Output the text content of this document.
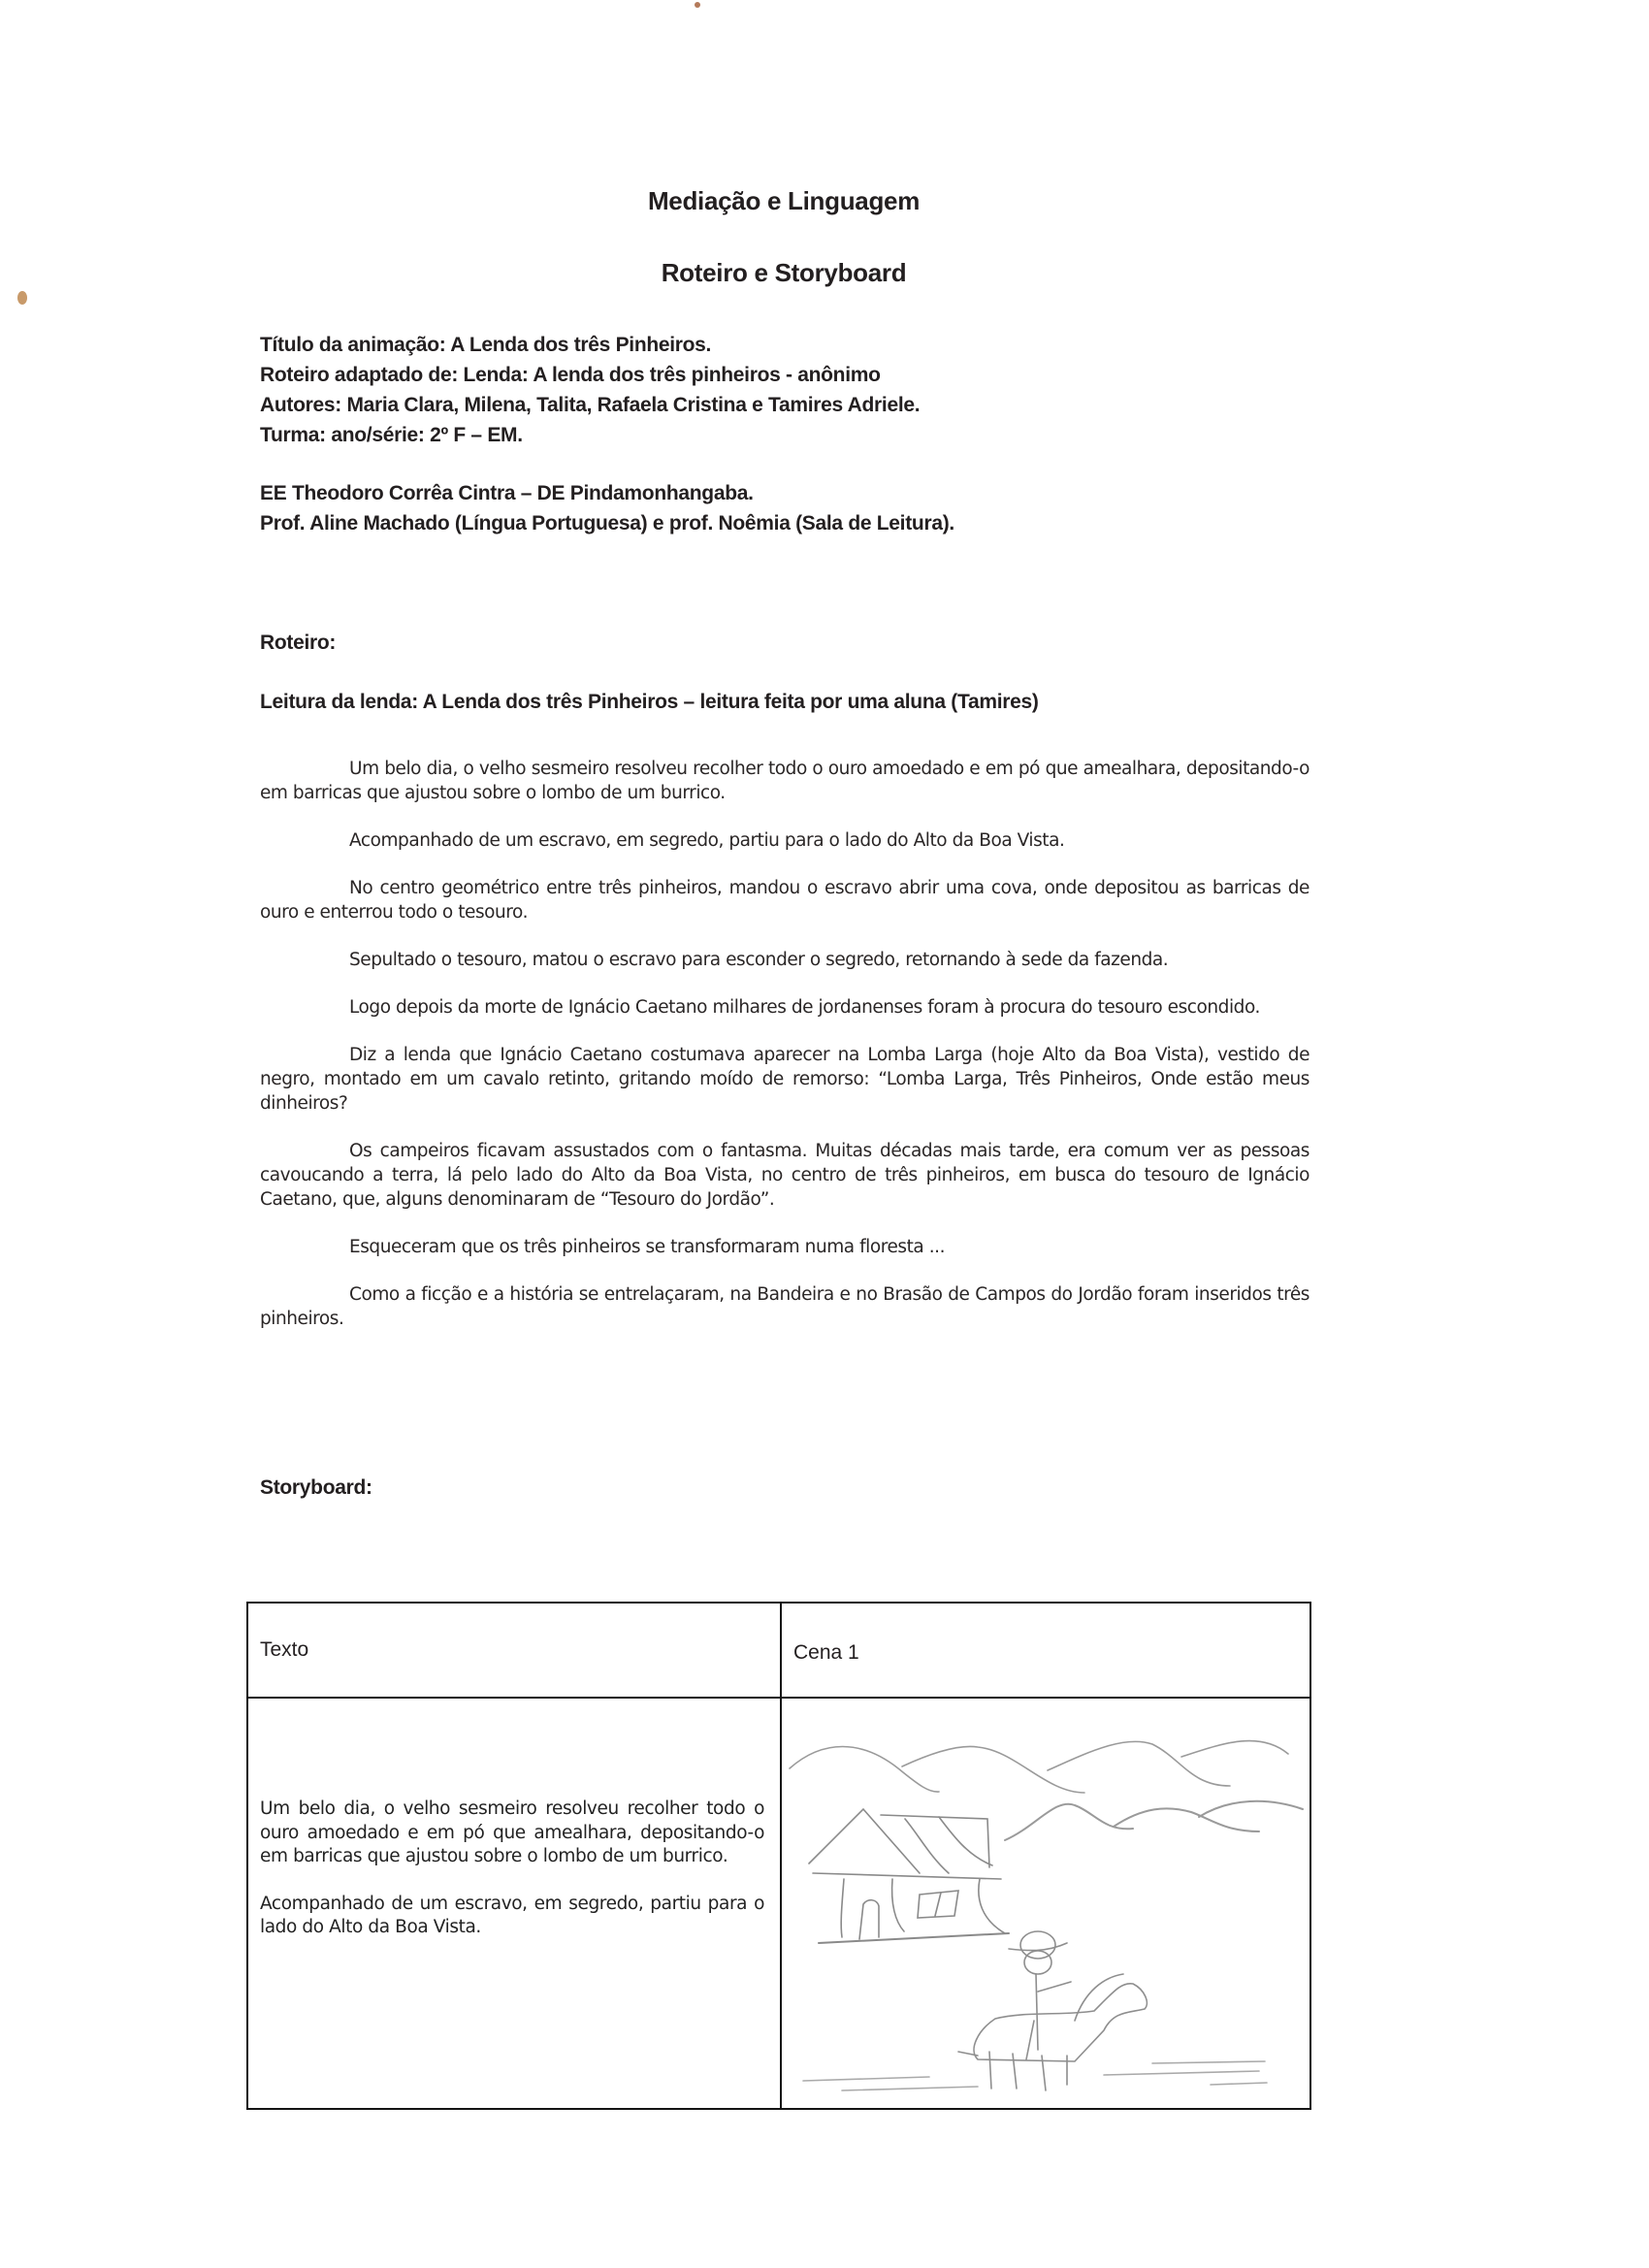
Mediação e Linguagem
Roteiro e Storyboard
Título da animação: A Lenda dos três Pinheiros.
Roteiro adaptado de: Lenda: A lenda dos três pinheiros - anônimo
Autores: Maria Clara, Milena, Talita, Rafaela Cristina e Tamires Adriele.
Turma: ano/série: 2º F – EM.
EE Theodoro Corrêa Cintra – DE Pindamonhangaba.
Prof. Aline Machado (Língua Portuguesa) e prof. Noêmia (Sala de Leitura).
Roteiro:
Leitura da lenda: A Lenda dos três Pinheiros – leitura feita por uma aluna (Tamires)

Um belo dia, o velho sesmeiro resolveu recolher todo o ouro amoedado e em pó que amealhara, depositando-o em barricas que ajustou sobre o lombo de um burrico.

Acompanhado de um escravo, em segredo, partiu para o lado do Alto da Boa Vista.

No centro geométrico entre três pinheiros, mandou o escravo abrir uma cova, onde depositou as barricas de ouro e enterrou todo o tesouro.

Sepultado o tesouro, matou o escravo para esconder o segredo, retornando à sede da fazenda.

Logo depois da morte de Ignácio Caetano milhares de jordanenses foram à procura do tesouro escondido.

Diz a lenda que Ignácio Caetano costumava aparecer na Lomba Larga (hoje Alto da Boa Vista), vestido de negro, montado em um cavalo retinto, gritando moído de remorso: “Lomba Larga, Três Pinheiros, Onde estão meus dinheiros?

Os campeiros ficavam assustados com o fantasma. Muitas décadas mais tarde, era comum ver as pessoas cavoucando a terra, lá pelo lado do Alto da Boa Vista, no centro de três pinheiros, em busca do tesouro de Ignácio Caetano, que, alguns denominaram de “Tesouro do Jordão”.

Esqueceram que os três pinheiros se transformaram numa floresta ...

Como a ficção e a história se entrelaçaram, na Bandeira e no Brasão de Campos do Jordão foram inseridos três pinheiros.

Storyboard:
Texto	Cena 1

Um belo dia, o velho sesmeiro resolveu recolher todo o ouro amoedado e em pó que amealhara, depositando-o em barricas que ajustou sobre o lombo de um burrico.

Acompanhado de um escravo, em segredo, partiu para o lado do Alto da Boa Vista.
